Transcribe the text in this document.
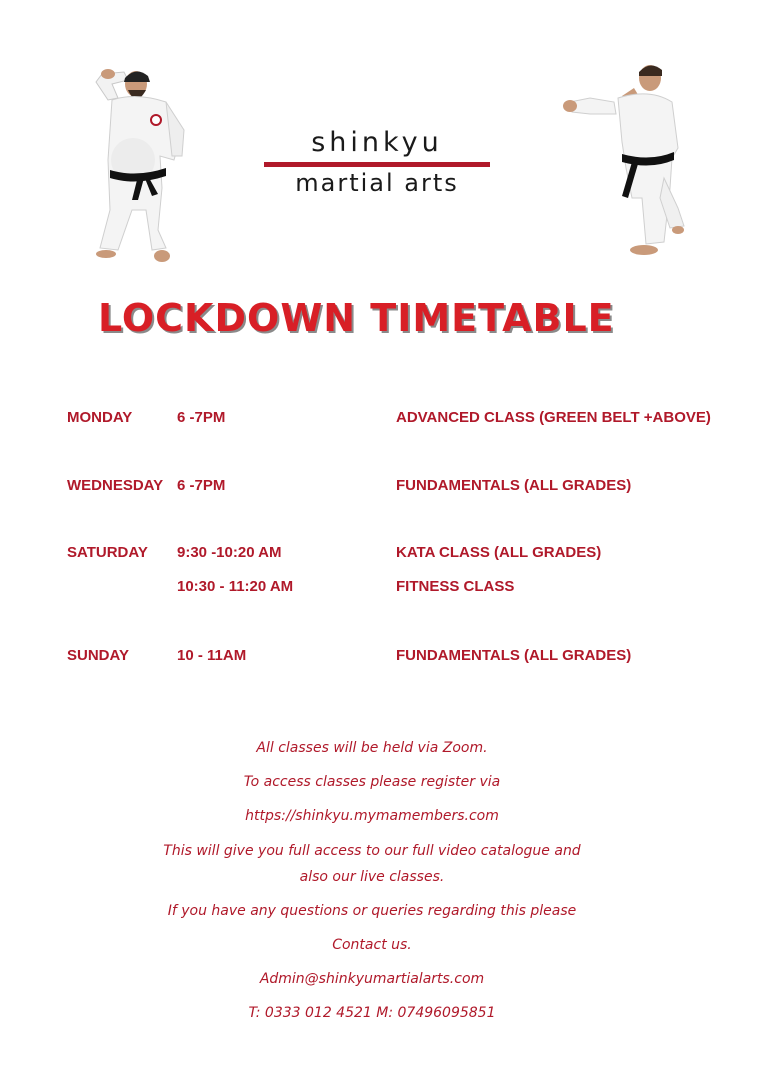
shinkyu
martial arts
LOCKDOWN TIMETABLE
MONDAY	6 -7PM	ADVANCED CLASS (GREEN BELT +ABOVE)
WEDNESDAY 6 -7PM	FUNDAMENTALS (ALL GRADES)
SATURDAY 9:30 -10:20 AM	KATA CLASS (ALL GRADES)
10:30 - 11:20 AM	FITNESS CLASS
SUNDAY	10 - 11AM	FUNDAMENTALS (ALL GRADES)
All classes will be held via Zoom.
To access classes please register via
https://shinkyu.mymamembers.com
This will give you full access to our full video catalogue and
also our live classes.
If you have any questions or queries regarding this please
Contact us.
Admin@shinkyumartialarts.com
T: 0333 012 4521 M: 07496095851
